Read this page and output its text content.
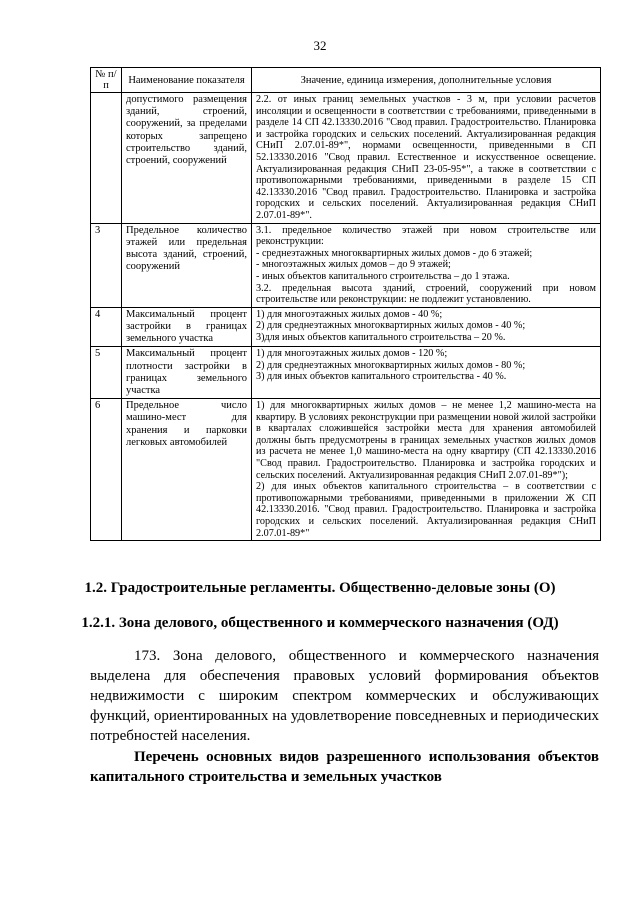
32
№ п/п	Наименование показателя	Значение, единица измерения, дополнительные условия
	допустимого размещения зданий, строений, сооружений, за пределами которых запрещено строительство зданий, строений, сооружений	2.2. от иных границ земельных участков - 3 м, при условии расчетов инсоляции и освещенности в соответствии с требованиями, приведенными в разделе 14 СП 42.13330.2016 "Свод правил. Градостроительство. Планировка и застройка городских и сельских поселений. Актуализированная редакция СНиП 2.07.01-89*", нормами освещенности, приведенными в СП 52.13330.2016 "Свод правил. Естественное и искусственное освещение. Актуализированная редакция СНиП 23-05-95*", а также в соответствии с противопожарными требованиями, приведенными в разделе 15 СП 42.13330.2016 "Свод правил. Градостроительство. Планировка и застройка городских и сельских поселений. Актуализированная редакция СНиП 2.07.01-89*".

3	Предельное количество этажей или предельная высота зданий, строений, сооружений	3.1. предельное количество этажей при новом строительстве или реконструкции:

- среднеэтажных многоквартирных жилых домов - до 6 этажей;

- многоэтажных жилых домов – до 9 этажей;

- иных объектов капитального строительства – до 1 этажа.

3.2. предельная высота зданий, строений, сооружений при новом строительстве или реконструкции: не подлежит установлению.

4	Максимальный процент застройки в границах земельного участка	1) для многоэтажных жилых домов - 40 %;

2) для среднеэтажных многоквартирных жилых домов - 40 %;

3)для иных объектов капитального строительства – 20 %.

5	Максимальный процент плотности застройки в границах земельного участка	1) для многоэтажных жилых домов - 120 %;

2) для среднеэтажных многоквартирных жилых домов - 80 %;

3) для иных объектов капитального строительства - 40 %.

6	Предельное число машино-мест для хранения и парковки легковых автомобилей	1) для многоквартирных жилых домов – не менее 1,2 машино-места на квартиру. В условиях реконструкции при размещении новой жилой застройки в кварталах сложившейся застройки места для хранения автомобилей должны быть предусмотрены в границах земельных участков жилых домов из расчета не менее 1,0 машино-места на одну квартиру (СП 42.13330.2016 "Свод правил. Градостроительство. Планировка и застройка городских и сельских поселений. Актуализированная редакция СНиП 2.07.01-89*");

2) для иных объектов капитального строительства – в соответствии с противопожарными требованиями, приведенными в приложении Ж СП 42.13330.2016. "Свод правил. Градостроительство. Планировка и застройка городских и сельских поселений. Актуализированная редакция СНиП 2.07.01-89*"

1.2. Градостроительные регламенты. Общественно-деловые зоны (О)
1.2.1. Зона делового, общественного и коммерческого назначения (ОД)

173. Зона делового, общественного и коммерческого назначения выделена для обеспечения правовых условий формирования объектов недвижимости с широким спектром коммерческих и обслуживающих функций, ориентированных на удовлетворение повседневных и периодических потребностей населения.

Перечень основных видов разрешенного использования объектов капитального строительства и земельных участков
